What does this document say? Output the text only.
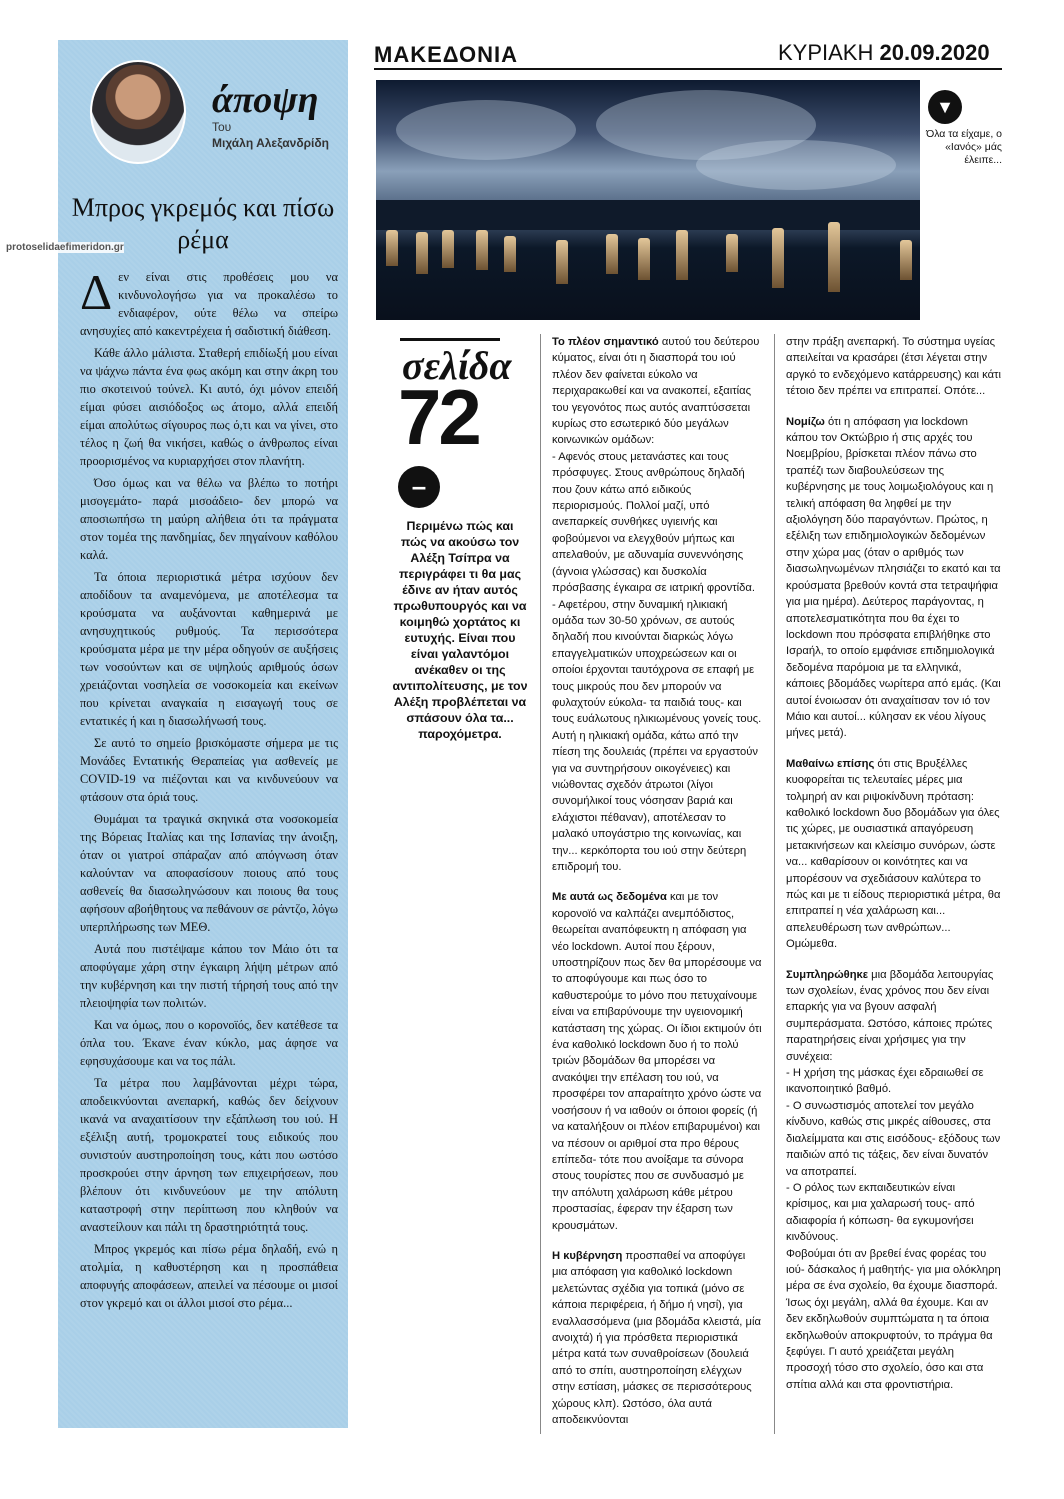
άποψη
Του
Μιχάλη Αλεξανδρίδη
Μπρος γκρεμός και πίσω ρέμα

Δεν είναι στις προθέσεις μου να κινδυνολογήσω για να προκαλέσω το ενδιαφέρον, ούτε θέλω να σπείρω ανησυχίες από κακεντρέχεια ή σαδιστική διάθεση.

Κάθε άλλο μάλιστα. Σταθερή επιδίωξή μου είναι να ψάχνω πάντα ένα φως ακόμη και στην άκρη του πιο σκοτεινού τούνελ. Κι αυτό, όχι μόνον επειδή είμαι φύσει αισιόδοξος ως άτομο, αλλά επειδή είμαι απολύτως σίγουρος πως ό,τι και να γίνει, στο τέλος η ζωή θα νικήσει, καθώς ο άνθρωπος είναι προορισμένος να κυριαρχήσει στον πλανήτη.

Όσο όμως και να θέλω να βλέπω το ποτήρι μισογεμάτο- παρά μισοάδειο- δεν μπορώ να αποσιωπήσω τη μαύρη αλήθεια ότι τα πράγματα στον τομέα της πανδημίας, δεν πηγαίνουν καθόλου καλά.

Τα όποια περιοριστικά μέτρα ισχύουν δεν αποδίδουν τα αναμενόμενα, με αποτέλεσμα τα κρούσματα να αυξάνονται καθημερινά με ανησυχητικούς ρυθμούς. Τα περισσότερα κρούσματα μέρα με την μέρα οδηγούν σε αυξήσεις των νοσούντων και σε υψηλούς αριθμούς όσων χρειάζονται νοσηλεία σε νοσοκομεία και εκείνων που κρίνεται αναγκαία η εισαγωγή τους σε εντατικές ή και η διασωλήνωσή τους.

Σε αυτό το σημείο βρισκόμαστε σήμερα με τις Μονάδες Εντατικής Θεραπείας για ασθενείς με COVID-19 να πιέζονται και να κινδυνεύουν να φτάσουν στα όριά τους.

Θυμάμαι τα τραγικά σκηνικά στα νοσοκομεία της Βόρειας Ιταλίας και της Ισπανίας την άνοιξη, όταν οι γιατροί σπάραζαν από απόγνωση όταν καλούνταν να αποφασίσουν ποιους από τους ασθενείς θα διασωληνώσουν και ποιους θα τους αφήσουν αβοήθητους να πεθάνουν σε ράντζο, λόγω υπερπλήρωσης των ΜΕΘ.

Αυτά που πιστέψαμε κάπου τον Μάιο ότι τα αποφύγαμε χάρη στην έγκαιρη λήψη μέτρων από την κυβέρνηση και την πιστή τήρησή τους από την πλειοψηφία των πολιτών.

Και να όμως, που ο κορονοϊός, δεν κατέθεσε τα όπλα του. Έκανε έναν κύκλο, μας άφησε να εφησυχάσουμε και να τος πάλι.

Τα μέτρα που λαμβάνονται μέχρι τώρα, αποδεικνύονται ανεπαρκή, καθώς δεν δείχνουν ικανά να αναχαιτίσουν την εξάπλωση του ιού. Η εξέλιξη αυτή, τρομοκρατεί τους ειδικούς που συνιστούν αυστηροποίηση τους, κάτι που ωστόσο προσκρούει στην άρνηση των επιχειρήσεων, που βλέπουν ότι κινδυνεύουν με την απόλυτη καταστροφή στην περίπτωση που κληθούν να αναστείλουν και πάλι τη δραστηριότητά τους.

Μπρος γκρεμός και πίσω ρέμα δηλαδή, ενώ η ατολμία, η καθυστέρηση και η προσπάθεια αποφυγής αποφάσεων, απειλεί να πέσουμε οι μισοί στον γκρεμό και οι άλλοι μισοί στο ρέμα...

protoselidaefimeridon.gr
ΜΑΚΕΔΟΝΙΑ	ΚΥΡΙΑΚΗ 20.09.2020
▼
Όλα τα είχαμε, ο «Ιανός» μάς έλειπε...
σελίδα
72
–
Περιμένω πώς και πώς να ακούσω τον Αλέξη Τσίπρα να περιγράφει τι θα μας έδινε αν ήταν αυτός πρωθυπουργός και να κοιμηθώ χορτάτος κι ευτυχής. Είναι που είναι γαλαντόμοι ανέκαθεν οι της αντιπολίτευσης, με τον Αλέξη προβλέπεται να σπάσουν όλα τα... παροχόμετρα.

Το πλέον σημαντικό αυτού του δεύτερου κύματος, είναι ότι η διασπορά του ιού πλέον δεν φαίνεται εύκολο να περιχαρακωθεί και να ανακοπεί, εξαιτίας του γεγονότος πως αυτός αναπτύσσεται κυρίως στο εσωτερικό δύο μεγάλων κοινωνικών ομάδων:
- Αφενός στους μετανάστες και τους πρόσφυγες. Στους ανθρώπους δηλαδή που ζουν κάτω από ειδικούς περιορισμούς. Πολλοί μαζί, υπό ανεπαρκείς συνθήκες υγιεινής και φοβούμενοι να ελεγχθούν μήπως και απελαθούν, με αδυναμία συνεννόησης (άγνοια γλώσσας) και δυσκολία πρόσβασης έγκαιρα σε ιατρική φροντίδα.
- Αφετέρου, στην δυναμική ηλικιακή ομάδα των 30-50 χρόνων, σε αυτούς δηλαδή που κινούνται διαρκώς λόγω επαγγελματικών υποχρεώσεων και οι οποίοι έρχονται ταυτόχρονα σε επαφή με τους μικρούς που δεν μπορούν να φυλαχτούν εύκολα- τα παιδιά τους- και τους ευάλωτους ηλικιωμένους γονείς τους. Αυτή η ηλικιακή ομάδα, κάτω από την πίεση της δουλειάς (πρέπει να εργαστούν για να συντηρήσουν οικογένειες) και νιώθοντας σχεδόν άτρωτοι (λίγοι συνομήλικοί τους νόσησαν βαριά και ελάχιστοι πέθαναν), αποτέλεσαν το μαλακό υπογάστριο της κοινωνίας, και την... κερκόπορτα του ιού στην δεύτερη επιδρομή του.

Με αυτά ως δεδομένα και με τον κορονοϊό να καλπάζει ανεμπόδιστος, θεωρείται αναπόφευκτη η απόφαση για νέο lockdown. Αυτοί που ξέρουν, υποστηρίζουν πως δεν θα μπορέσουμε να το αποφύγουμε και πως όσο το καθυστερούμε το μόνο που πετυχαίνουμε είναι να επιβαρύνουμε την υγειονομική κατάσταση της χώρας. Οι ίδιοι εκτιμούν ότι ένα καθολικό lockdown δυο ή το πολύ τριών βδομάδων θα μπορέσει να ανακόψει την επέλαση του ιού, να προσφέρει τον απαραίτητο χρόνο ώστε να νοσήσουν ή να ιαθούν οι όποιοι φορείς (ή να καταλήξουν οι πλέον επιβαρυμένοι) και να πέσουν οι αριθμοί στα προ θέρους επίπεδα- τότε που ανοίξαμε τα σύνορα στους τουρίστες που σε συνδυασμό με την απόλυτη χαλάρωση κάθε μέτρου προστασίας, έφεραν την έξαρση των κρουσμάτων.

Η κυβέρνηση προσπαθεί να αποφύγει μια απόφαση για καθολικό lockdown μελετώντας σχέδια για τοπικά (μόνο σε κάποια περιφέρεια, ή δήμο ή νησί), για εναλλασσόμενα (μια βδομάδα κλειστά, μία ανοιχτά) ή για πρόσθετα περιοριστικά μέτρα κατά των συναθροίσεων (δουλειά από το σπίτι, αυστηροποίηση ελέγχων στην εστίαση, μάσκες σε περισσότερους χώρους κλπ). Ωστόσο, όλα αυτά αποδεικνύονται

στην πράξη ανεπαρκή. Το σύστημα υγείας απειλείται να κρασάρει (έτσι λέγεται στην αργκό το ενδεχόμενο κατάρρευσης) και κάτι τέτοιο δεν πρέπει να επιτραπεί. Οπότε...

Νομίζω ότι η απόφαση για lockdown κάπου τον Οκτώβριο ή στις αρχές του Νοεμβρίου, βρίσκεται πλέον πάνω στο τραπέζι των διαβουλεύσεων της κυβέρνησης με τους λοιμωξιολόγους και η τελική απόφαση θα ληφθεί με την αξιολόγηση δύο παραγόντων. Πρώτος, η εξέλιξη των επιδημιολογικών δεδομένων στην χώρα μας (όταν ο αριθμός των διασωληνωμένων πλησιάζει το εκατό και τα κρούσματα βρεθούν κοντά στα τετραψήφια για μια ημέρα). Δεύτερος παράγοντας, η αποτελεσματικότητα που θα έχει το lockdown που πρόσφατα επιβλήθηκε στο Ισραήλ, το οποίο εμφάνισε επιδημιολογικά δεδομένα παρόμοια με τα ελληνικά, κάποιες βδομάδες νωρίτερα από εμάς. (Και αυτοί ένοιωσαν ότι αναχαίτισαν τον ιό τον Μάιο και αυτοί... κύλησαν εκ νέου λίγους μήνες μετά).

Μαθαίνω επίσης ότι στις Βρυξέλλες κυοφορείται τις τελευταίες μέρες μια τολμηρή αν και ριψοκίνδυνη πρόταση: καθολικό lockdown δυο βδομάδων για όλες τις χώρες, με ουσιαστικά απαγόρευση μετακινήσεων και κλείσιμο συνόρων, ώστε να... καθαρίσουν οι κοινότητες και να μπορέσουν να σχεδιάσουν καλύτερα το πώς και με τι είδους περιοριστικά μέτρα, θα επιτραπεί η νέα χαλάρωση και... απελευθέρωση των ανθρώπων... Ομώμεθα.

Συμπληρώθηκε μια βδομάδα λειτουργίας των σχολείων, ένας χρόνος που δεν είναι επαρκής για να βγουν ασφαλή συμπεράσματα. Ωστόσο, κάποιες πρώτες παρατηρήσεις είναι χρήσιμες για την συνέχεια:
- Η χρήση της μάσκας έχει εδραιωθεί σε ικανοποιητικό βαθμό.
- Ο συνωστισμός αποτελεί τον μεγάλο κίνδυνο, καθώς στις μικρές αίθουσες, στα διαλείμματα και στις εισόδους- εξόδους των παιδιών από τις τάξεις, δεν είναι δυνατόν να αποτραπεί.
- Ο ρόλος των εκπαιδευτικών είναι κρίσιμος, και μια χαλαρωσή τους- από αδιαφορία ή κόπωση- θα εγκυμονήσει κινδύνους.
Φοβούμαι ότι αν βρεθεί ένας φορέας του ιού- δάσκαλος ή μαθητής- για μια ολόκληρη μέρα σε ένα σχολείο, θα έχουμε διασπορά. Ίσως όχι μεγάλη, αλλά θα έχουμε. Και αν δεν εκδηλωθούν συμπτώματα η τα όποια εκδηλωθούν αποκρυφτούν, το πράγμα θα ξεφύγει. Γι αυτό χρειάζεται μεγάλη προσοχή τόσο στο σχολείο, όσο και στα σπίτια αλλά και στα φροντιστήρια.
